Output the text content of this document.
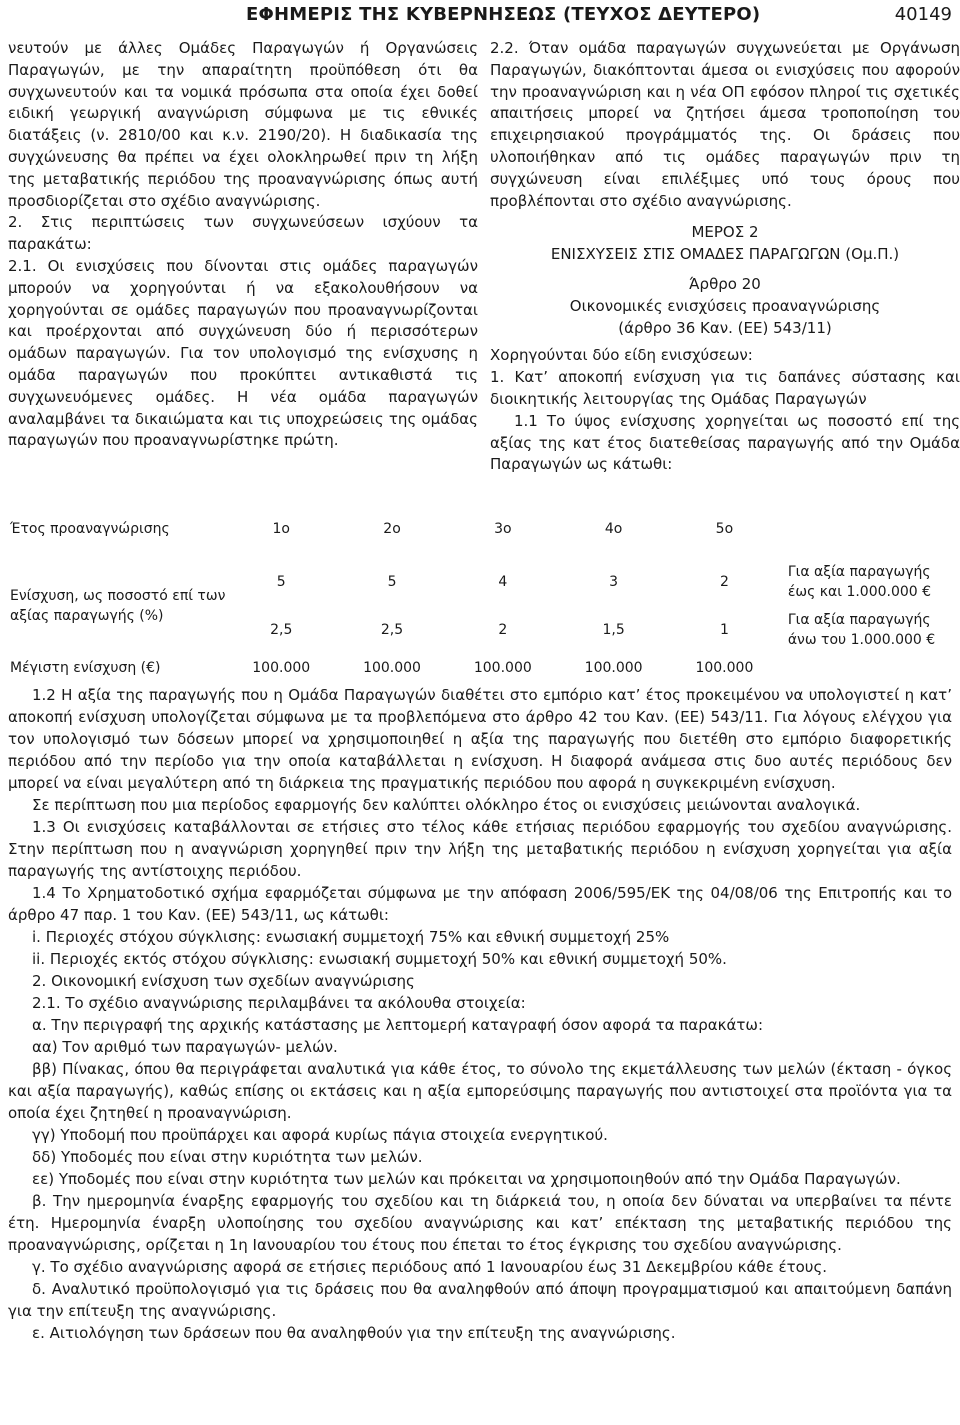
ΕΦΗΜΕΡΙΣ ΤΗΣ ΚΥΒΕΡΝΗΣΕΩΣ (ΤΕΥΧΟΣ ΔΕΥΤΕΡΟ)	40149

νευτούν με άλλες Ομάδες Παραγωγών ή Οργανώσεις Παραγωγών, με την απαραίτητη προϋπόθεση ότι θα συγχωνευτούν και τα νομικά πρόσωπα στα οποία έχει δοθεί ειδική γεωργική αναγνώριση σύμφωνα με τις εθνικές διατάξεις (ν. 2810/00 και κ.ν. 2190/20). Η διαδικασία της συγχώνευσης θα πρέπει να έχει ολοκληρωθεί πριν τη λήξη της μεταβατικής περιόδου της προαναγνώρισης όπως αυτή προσδιορίζεται στο σχέδιο αναγνώρισης.

2. Στις περιπτώσεις των συγχωνεύσεων ισχύουν τα παρακάτω:

2.1. Οι ενισχύσεις που δίνονται στις ομάδες παραγωγών μπορούν να χορηγούνται ή να εξακολουθήσουν να χορηγούνται σε ομάδες παραγωγών που προαναγνωρίζονται και προέρχονται από συγχώνευση δύο ή περισσότερων ομάδων παραγωγών. Για τον υπολογισμό της ενίσχυσης η ομάδα παραγωγών που προκύπτει αντικαθιστά τις συγχωνευόμενες ομάδες. Η νέα ομάδα παραγωγών αναλαμβάνει τα δικαιώματα και τις υποχρεώσεις της ομάδας παραγωγών που προαναγνωρίστηκε πρώτη.

2.2. Όταν ομάδα παραγωγών συγχωνεύεται με Οργάνωση Παραγωγών, διακόπτονται άμεσα οι ενισχύσεις που αφορούν την προαναγνώριση και η νέα ΟΠ εφόσον πληροί τις σχετικές απαιτήσεις μπορεί να ζητήσει άμεσα τροποποίηση του επιχειρησιακού προγράμματός της. Οι δράσεις που υλοποιήθηκαν από τις ομάδες παραγωγών πριν τη συγχώνευση είναι επιλέξιμες υπό τους όρους που προβλέπονται στο σχέδιο αναγνώρισης.

ΜΕΡΟΣ 2

ΕΝΙΣΧΥΣΕΙΣ ΣΤΙΣ ΟΜΑΔΕΣ ΠΑΡΑΓΩΓΩΝ (Ομ.Π.)

Άρθρο 20

Οικονομικές ενισχύσεις προαναγνώρισης

(άρθρο 36 Καν. (ΕΕ) 543/11)

Χορηγούνται δύο είδη ενισχύσεων:

1. Κατ’ αποκοπή ενίσχυση για τις δαπάνες σύστασης και διοικητικής λειτουργίας της Ομάδας Παραγωγών

1.1 Το ύψος ενίσχυσης χορηγείται ως ποσοστό επί της αξίας της κατ έτος διατεθείσας παραγωγής από την Ομάδα Παραγωγών ως κάτωθι:

Έτος προαναγνώρισης	1ο	2ο	3ο	4ο	5ο	
Ενίσχυση, ως ποσοστό επί των αξίας παραγωγής (%)	5	5	4	3	2	Για αξία παραγωγής έως και 1.000.000 €
	2,5	2,5	2	1,5	1	Για αξία παραγωγής άνω του 1.000.000 €
Μέγιστη ενίσχυση (€)	100.000	100.000	100.000	100.000	100.000	

1.2 Η αξία της παραγωγής που η Ομάδα Παραγωγών διαθέτει στο εμπόριο κατ’ έτος προκειμένου να υπολογιστεί η κατ’ αποκοπή ενίσχυση υπολογίζεται σύμφωνα με τα προβλεπόμενα στο άρθρο 42 του Καν. (ΕΕ) 543/11. Για λόγους ελέγχου για τον υπολογισμό των δόσεων μπορεί να χρησιμοποιηθεί η αξία της παραγωγής που διετέθη στο εμπόριο διαφορετικής περιόδου από την περίοδο για την οποία καταβάλλεται η ενίσχυση. Η διαφορά ανάμεσα στις δυο αυτές περιόδους δεν μπορεί να είναι μεγαλύτερη από τη διάρκεια της πραγματικής περιόδου που αφορά η συγκεκριμένη ενίσχυση.

Σε περίπτωση που μια περίοδος εφαρμογής δεν καλύπτει ολόκληρο έτος οι ενισχύσεις μειώνονται αναλογικά.

1.3 Οι ενισχύσεις καταβάλλονται σε ετήσιες στο τέλος κάθε ετήσιας περιόδου εφαρμογής του σχεδίου αναγνώρισης. Στην περίπτωση που η αναγνώριση χορηγηθεί πριν την λήξη της μεταβατικής περιόδου η ενίσχυση χορηγείται για αξία παραγωγής της αντίστοιχης περιόδου.

1.4 Το Χρηματοδοτικό σχήμα εφαρμόζεται σύμφωνα με την απόφαση 2006/595/ΕΚ της 04/08/06 της Επιτροπής και το άρθρο 47 παρ. 1 του Καν. (ΕΕ) 543/11, ως κάτωθι:

i. Περιοχές στόχου σύγκλισης: ενωσιακή συμμετοχή 75% και εθνική συμμετοχή 25%

ii. Περιοχές εκτός στόχου σύγκλισης: ενωσιακή συμμετοχή 50% και εθνική συμμετοχή 50%.

2. Οικονομική ενίσχυση των σχεδίων αναγνώρισης

2.1. Το σχέδιο αναγνώρισης περιλαμβάνει τα ακόλουθα στοιχεία:

α. Την περιγραφή της αρχικής κατάστασης με λεπτομερή καταγραφή όσον αφορά τα παρακάτω:

αα) Τον αριθμό των παραγωγών- μελών.

ββ) Πίνακας, όπου θα περιγράφεται αναλυτικά για κάθε έτος, το σύνολο της εκμετάλλευσης των μελών (έκταση - όγκος και αξία παραγωγής), καθώς επίσης οι εκτάσεις και η αξία εμπορεύσιμης παραγωγής που αντιστοιχεί στα προϊόντα για τα οποία έχει ζητηθεί η προαναγνώριση.

γγ) Υποδομή που προϋπάρχει και αφορά κυρίως πάγια στοιχεία ενεργητικού.

δδ) Υποδομές που είναι στην κυριότητα των μελών.

εε) Υποδομές που είναι στην κυριότητα των μελών και πρόκειται να χρησιμοποιηθούν από την Ομάδα Παραγωγών.

β. Την ημερομηνία έναρξης εφαρμογής του σχεδίου και τη διάρκειά του, η οποία δεν δύναται να υπερβαίνει τα πέντε έτη. Ημερομηνία έναρξη υλοποίησης του σχεδίου αναγνώρισης και κατ’ επέκταση της μεταβατικής περιόδου της προαναγνώρισης, ορίζεται η 1η Ιανουαρίου του έτους που έπεται το έτος έγκρισης του σχεδίου αναγνώρισης.

γ. Το σχέδιο αναγνώρισης αφορά σε ετήσιες περιόδους από 1 Ιανουαρίου έως 31 Δεκεμβρίου κάθε έτους.

δ. Αναλυτικό προϋπολογισμό για τις δράσεις που θα αναληφθούν από άποψη προγραμματισμού και απαιτούμενη δαπάνη για την επίτευξη της αναγνώρισης.

ε. Αιτιολόγηση των δράσεων που θα αναληφθούν για την επίτευξη της αναγνώρισης.
